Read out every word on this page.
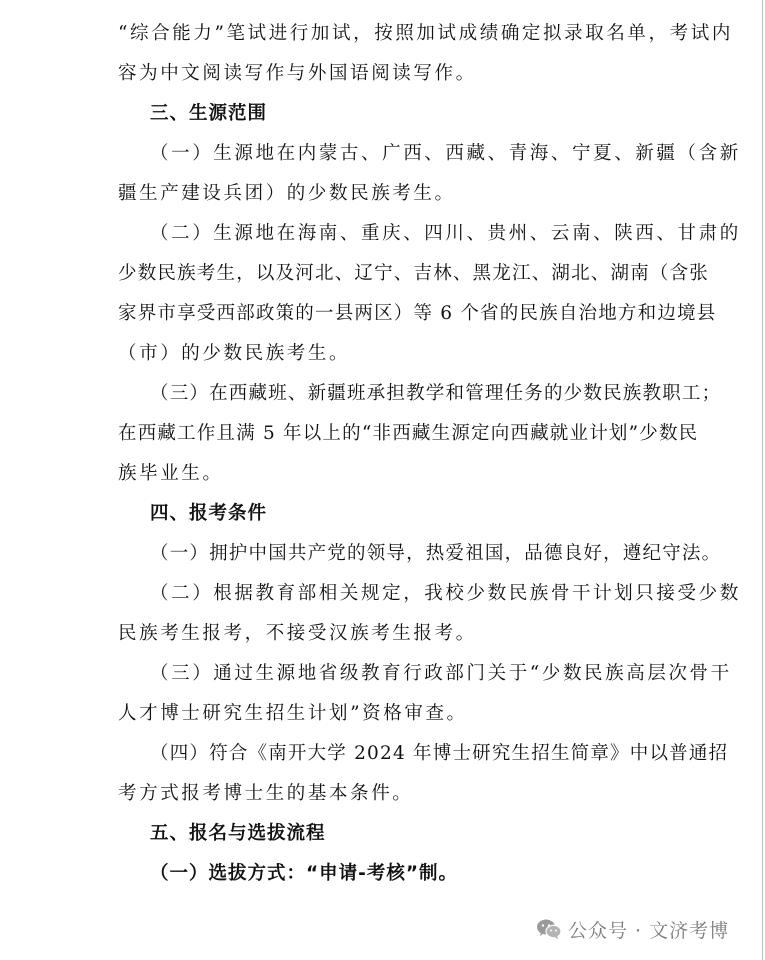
“综合能力”笔试进行加试，按照加试成绩确定拟录取名单，考试内
容为中文阅读写作与外国语阅读写作。
三、生源范围
（一）生源地在内蒙古、广西、西藏、青海、宁夏、新疆（含新
疆生产建设兵团）的少数民族考生。
（二）生源地在海南、重庆、四川、贵州、云南、陕西、甘肃的
少数民族考生，以及河北、辽宁、吉林、黑龙江、湖北、湖南（含张
家界市享受西部政策的一县两区）等 6 个省的民族自治地方和边境县
（市）的少数民族考生。
（三）在西藏班、新疆班承担教学和管理任务的少数民族教职工；
在西藏工作且满 5 年以上的“非西藏生源定向西藏就业计划”少数民
族毕业生。
四、报考条件
（一）拥护中国共产党的领导，热爱祖国，品德良好，遵纪守法。
（二）根据教育部相关规定，我校少数民族骨干计划只接受少数
民族考生报考，不接受汉族考生报考。
（三）通过生源地省级教育行政部门关于“少数民族高层次骨干
人才博士研究生招生计划”资格审查。
（四）符合《南开大学 2024 年博士研究生招生简章》中以普通招
考方式报考博士生的基本条件。
五、报名与选拔流程
（一）选拔方式：“申请-考核”制。
公众号 · 文济考博
